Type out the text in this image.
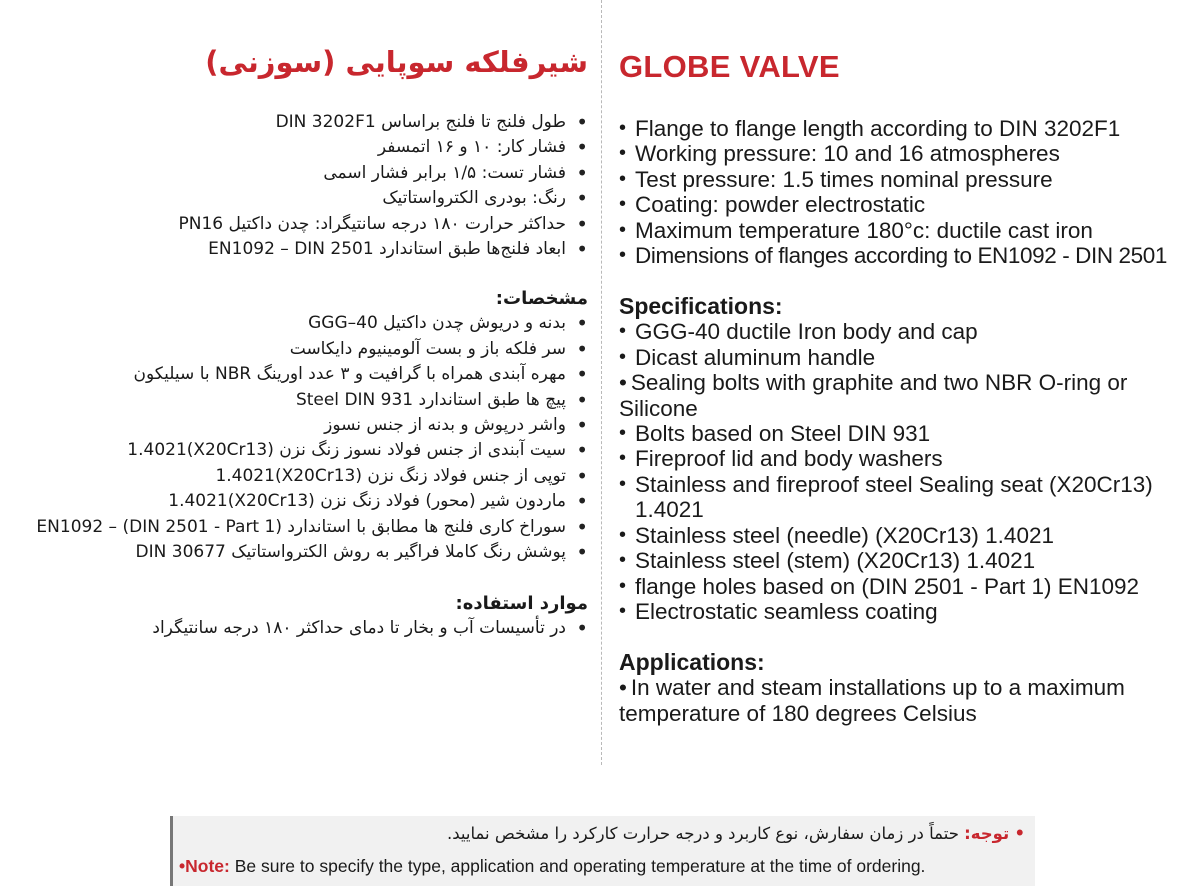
شیرفلکه سوپایی (سوزنی)
• طول فلنج تا فلنج براساس DIN 3202F1
• فشار کار: ۱۰ و ۱۶ اتمسفر
• فشار تست: ۱/۵ برابر فشار اسمی
• رنگ: بودری الکترواستاتیک
• حداکثر حرارت ۱۸۰ درجه سانتیگراد: چدن داکتیل PN16
• ابعاد فلنج‌ها طبق استاندارد EN1092 – DIN 2501
مشخصات:
• بدنه و دریوش چدن داکتیل GGG–40
• سر فلکه باز و بست آلومینیوم دایکاست
• مهره آبندی همراه با گرافیت و ۳ عدد اورینگ NBR با سیلیکون
• پیچ ها طبق استاندارد Steel DIN 931
• واشر درپوش و بدنه از جنس نسوز
• سیت آبندی از جنس فولاد نسوز زنگ نزن (X20Cr13)1.4021
• توپی از جنس فولاد زنگ نزن (X20Cr13)1.4021
• ماردون شیر (محور) فولاد زنگ نزن (X20Cr13)1.4021
• سوراخ کاری فلنج ها مطابق با استاندارد (DIN 2501 - Part 1) – EN1092
• پوشش رنگ کاملا فراگیر به روش الکترواستاتیک DIN 30677
موارد استفاده:
• در تأسیسات آب و بخار تا دمای حداکثر ۱۸۰ درجه سانتیگراد
GLOBE VALVE
• Flange to flange length according to DIN 3202F1
• Working pressure: 10 and 16 atmospheres
• Test pressure: 1.5 times nominal pressure
• Coating: powder electrostatic
• Maximum temperature 180°c: ductile cast iron
• Dimensions of flanges according to EN1092 - DIN 2501
Specifications:
• GGG-40 ductile Iron body and cap
• Dicast aluminum handle
• Sealing bolts with graphite and two NBR O-ring or Silicone
• Bolts based on Steel DIN 931
• Fireproof lid and body washers
• Stainless and fireproof steel Sealing seat (X20Cr13) 1.4021
• Stainless steel (needle) (X20Cr13) 1.4021
• Stainless steel (stem) (X20Cr13) 1.4021
• flange holes based on (DIN 2501 - Part 1) EN1092
• Electrostatic seamless coating
Applications:
• In water and steam installations up to a maximum temperature of 180 degrees Celsius
• توجه: حتماً در زمان سفارش، نوع کاربرد و درجه حرارت کارکرد را مشخص نمایید.
•Note: Be sure to specify the type, application and operating temperature at the time of ordering.
